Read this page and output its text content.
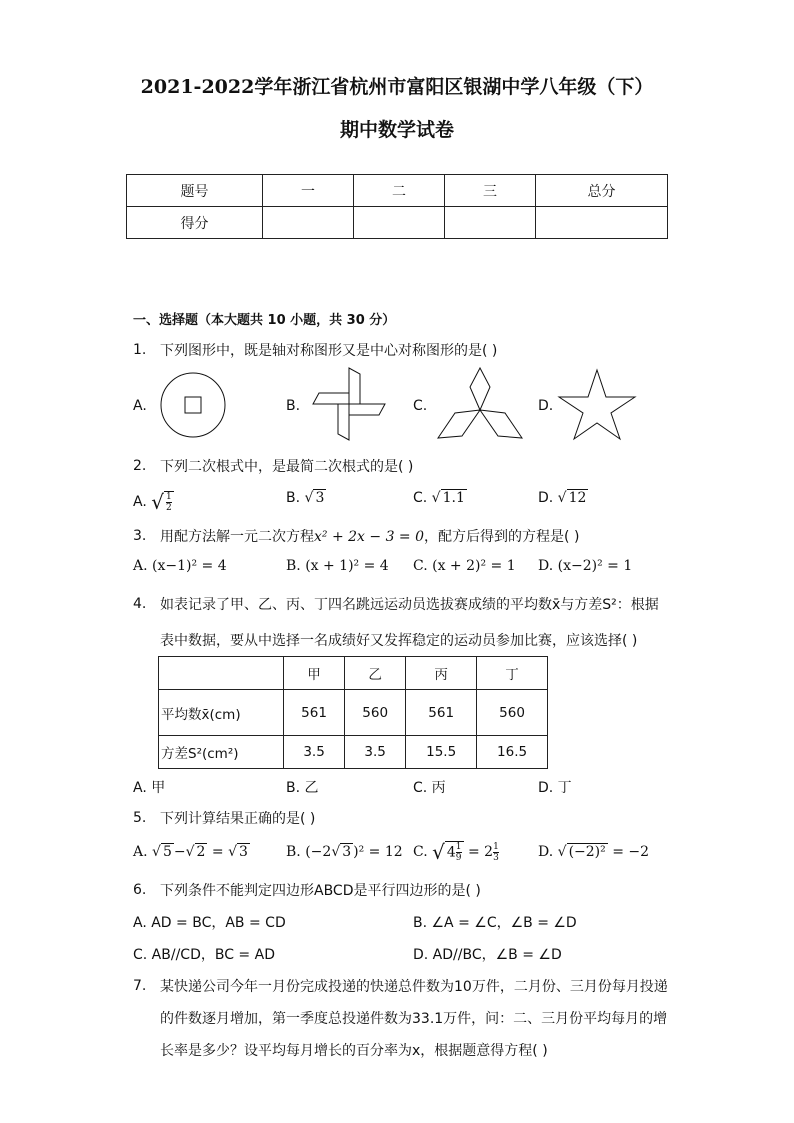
2021-2022学年浙江省杭州市富阳区银湖中学八年级（下）
期中数学试卷
题号	一	二	三	总分
得分				
一、选择题（本大题共 10 小题，共 30 分）
1. 下列图形中，既是轴对称图形又是中心对称图形的是( )
A.	B.	C.	D.
2. 下列二次根式中，是最简二次根式的是( )
A. √ $\frac{1}{2}$	B. √ 3	C. √ 1.1	D. √ 12
3. 用配方法解一元二次方程x² + 2x − 3 = 0，配方后得到的方程是( )
A. (x−1)² = 4	B. (x + 1)² = 4 C. (x + 2)² = 1 D. (x−2)² = 1
4. 如表记录了甲、乙、丙、丁四名跳远运动员选拔赛成绩的平均数x̄与方差S²：根据
表中数据，要从中选择一名成绩好又发挥稳定的运动员参加比赛，应该选择( )
	甲	乙	丙	丁
平均数x̄(cm)	561	560	561	560
方差S²(cm²)	3.5	3.5	15.5	16.5
A. 甲	B. 乙	C. 丙	D. 丁
5. 下列计算结果正确的是( )
A. √ 5 −√ 2 = √ 3	B. (−2√ 3 )² = 12 C. √ $4 \frac{1}{9} = 2 \frac{1}{3}$	D. √ (−2)² = −2
6. 下列条件不能判定四边形ABCD是平行四边形的是( )
A. AD = BC，AB = CD	B. ∠A = ∠C，∠B = ∠D
C. AB//CD，BC = AD	D. AD//BC，∠B = ∠D
7. 某快递公司今年一月份完成投递的快递总件数为10万件，二月份、三月份每月投递
的件数逐月增加，第一季度总投递件数为33.1万件，问：二、三月份平均每月的增
长率是多少？设平均每月增长的百分率为x，根据题意得方程( )
